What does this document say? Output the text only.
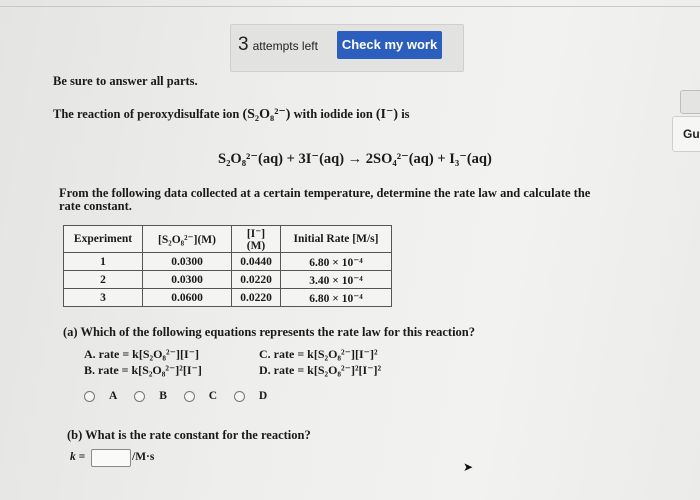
3 attempts left	Check my work
Gu
Be sure to answer all parts.
The reaction of peroxydisulfate ion (S₂O₈²⁻) with iodide ion (I⁻) is
S₂O₈²⁻(aq) + 3I⁻(aq) → 2SO₄²⁻(aq) + I₃⁻(aq)
From the following data collected at a certain temperature, determine the rate law and calculate the
rate constant.
Experiment	[S₂O₈²⁻](M)	[I⁻](M)	Initial Rate [M/s]
1	0.0300	0.0440	6.80 × 10⁻⁴
2	0.0300	0.0220	3.40 × 10⁻⁴
3	0.0600	0.0220	6.80 × 10⁻⁴
(a) Which of the following equations represents the rate law for this reaction?
A. rate = k[S₂O₈²⁻][I⁻]
B. rate = k[S₂O₈²⁻]²[I⁻]
C. rate = k[S₂O₈²⁻][I⁻]²
D. rate = k[S₂O₈²⁻]²[I⁻]²
A	B	C	D
(b) What is the rate constant for the reaction?
k =	/M·s
➤
